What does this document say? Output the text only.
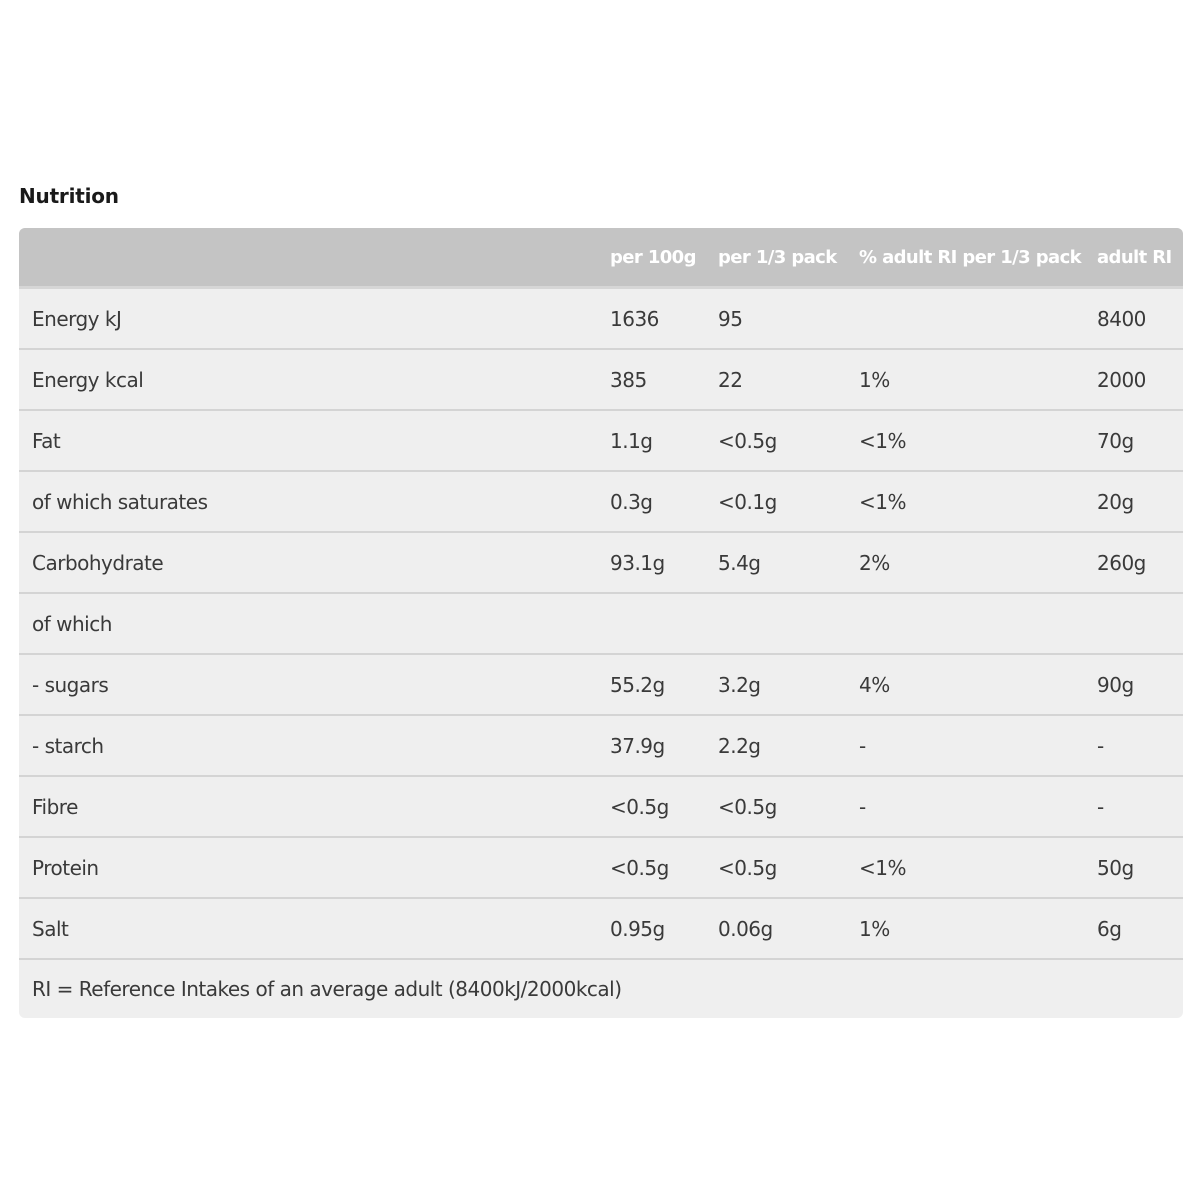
Nutrition
	per 100g	per 1/3 pack	% adult RI per 1/3 pack	adult RI
Energy kJ	1636	95		8400
Energy kcal	385	22	1%	2000
Fat	1.1g	<0.5g	<1%	70g
of which saturates	0.3g	<0.1g	<1%	20g
Carbohydrate	93.1g	5.4g	2%	260g
of which				
- sugars	55.2g	3.2g	4%	90g
- starch	37.9g	2.2g	-	-
Fibre	<0.5g	<0.5g	-	-
Protein	<0.5g	<0.5g	<1%	50g
Salt	0.95g	0.06g	1%	6g
RI = Reference Intakes of an average adult (8400kJ/2000kcal)				
